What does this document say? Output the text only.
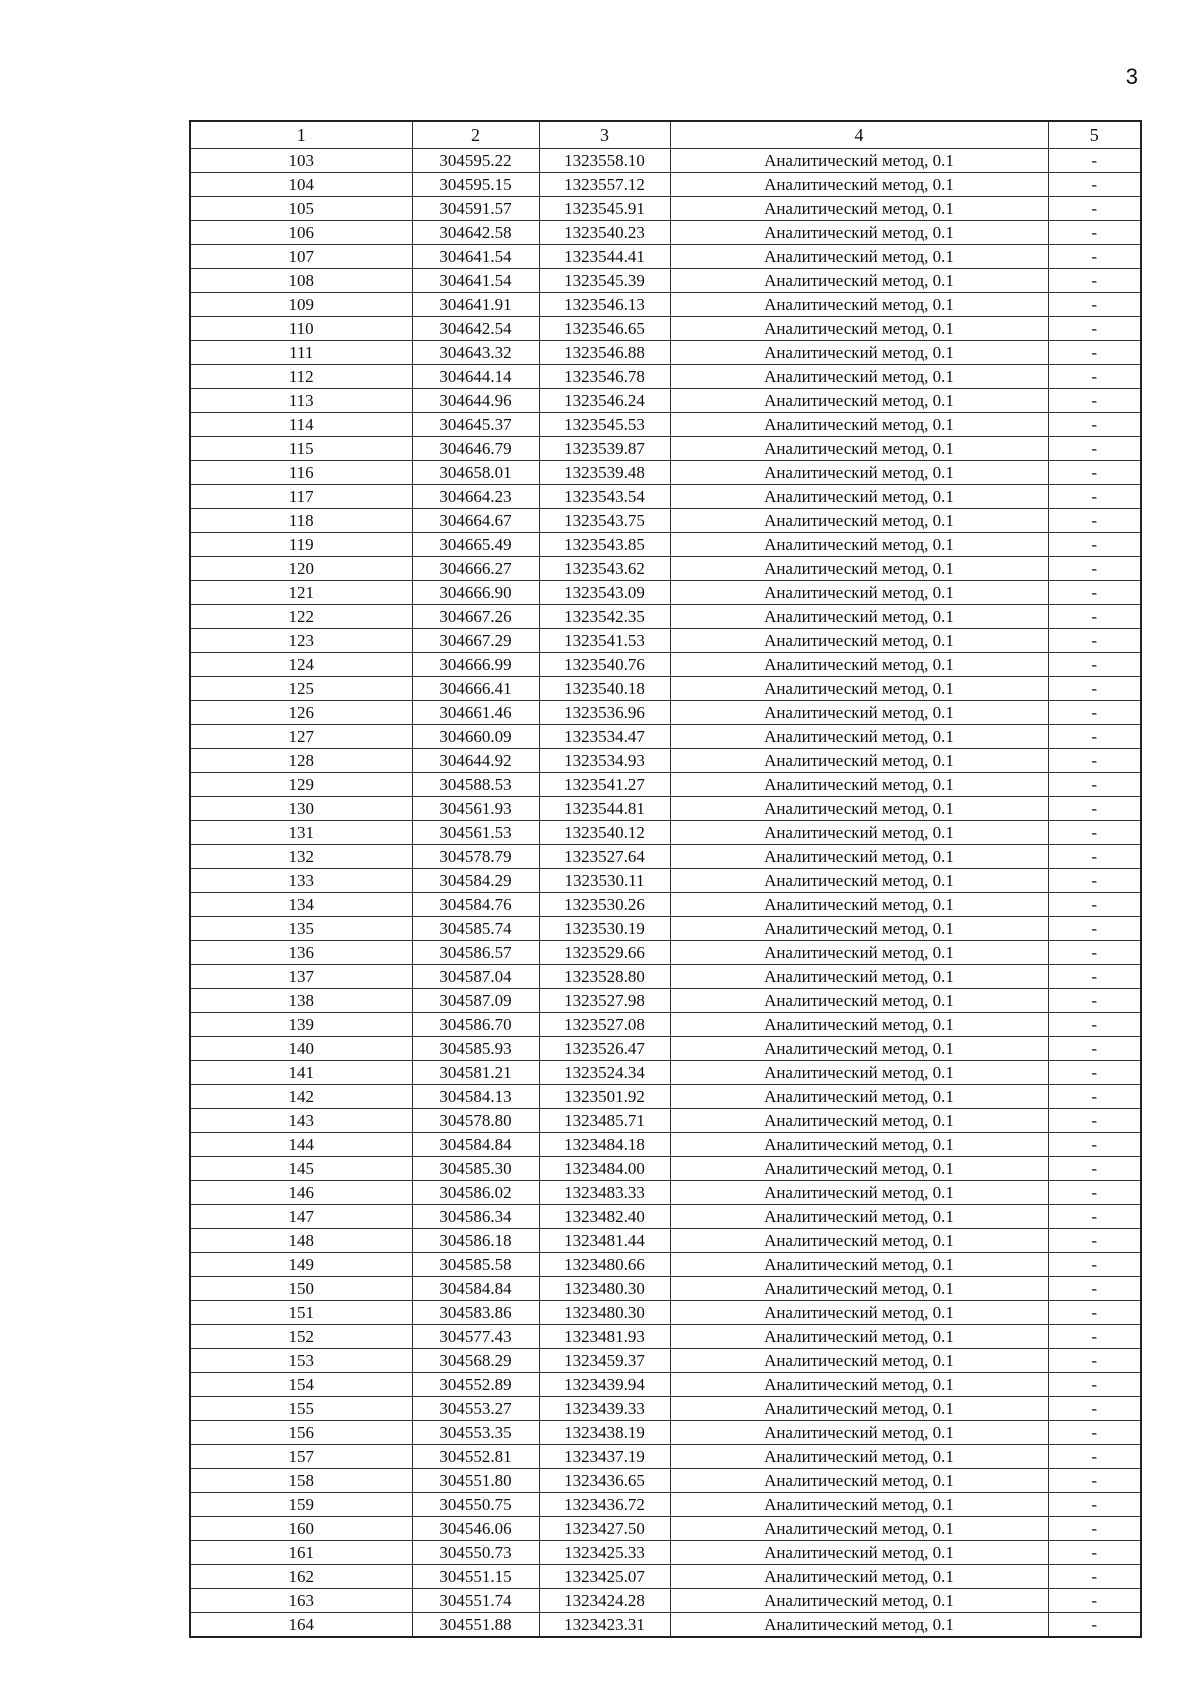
3
1	2	3	4	5
103	304595.22	1323558.10	Аналитический метод, 0.1	-
104	304595.15	1323557.12	Аналитический метод, 0.1	-
105	304591.57	1323545.91	Аналитический метод, 0.1	-
106	304642.58	1323540.23	Аналитический метод, 0.1	-
107	304641.54	1323544.41	Аналитический метод, 0.1	-
108	304641.54	1323545.39	Аналитический метод, 0.1	-
109	304641.91	1323546.13	Аналитический метод, 0.1	-
110	304642.54	1323546.65	Аналитический метод, 0.1	-
111	304643.32	1323546.88	Аналитический метод, 0.1	-
112	304644.14	1323546.78	Аналитический метод, 0.1	-
113	304644.96	1323546.24	Аналитический метод, 0.1	-
114	304645.37	1323545.53	Аналитический метод, 0.1	-
115	304646.79	1323539.87	Аналитический метод, 0.1	-
116	304658.01	1323539.48	Аналитический метод, 0.1	-
117	304664.23	1323543.54	Аналитический метод, 0.1	-
118	304664.67	1323543.75	Аналитический метод, 0.1	-
119	304665.49	1323543.85	Аналитический метод, 0.1	-
120	304666.27	1323543.62	Аналитический метод, 0.1	-
121	304666.90	1323543.09	Аналитический метод, 0.1	-
122	304667.26	1323542.35	Аналитический метод, 0.1	-
123	304667.29	1323541.53	Аналитический метод, 0.1	-
124	304666.99	1323540.76	Аналитический метод, 0.1	-
125	304666.41	1323540.18	Аналитический метод, 0.1	-
126	304661.46	1323536.96	Аналитический метод, 0.1	-
127	304660.09	1323534.47	Аналитический метод, 0.1	-
128	304644.92	1323534.93	Аналитический метод, 0.1	-
129	304588.53	1323541.27	Аналитический метод, 0.1	-
130	304561.93	1323544.81	Аналитический метод, 0.1	-
131	304561.53	1323540.12	Аналитический метод, 0.1	-
132	304578.79	1323527.64	Аналитический метод, 0.1	-
133	304584.29	1323530.11	Аналитический метод, 0.1	-
134	304584.76	1323530.26	Аналитический метод, 0.1	-
135	304585.74	1323530.19	Аналитический метод, 0.1	-
136	304586.57	1323529.66	Аналитический метод, 0.1	-
137	304587.04	1323528.80	Аналитический метод, 0.1	-
138	304587.09	1323527.98	Аналитический метод, 0.1	-
139	304586.70	1323527.08	Аналитический метод, 0.1	-
140	304585.93	1323526.47	Аналитический метод, 0.1	-
141	304581.21	1323524.34	Аналитический метод, 0.1	-
142	304584.13	1323501.92	Аналитический метод, 0.1	-
143	304578.80	1323485.71	Аналитический метод, 0.1	-
144	304584.84	1323484.18	Аналитический метод, 0.1	-
145	304585.30	1323484.00	Аналитический метод, 0.1	-
146	304586.02	1323483.33	Аналитический метод, 0.1	-
147	304586.34	1323482.40	Аналитический метод, 0.1	-
148	304586.18	1323481.44	Аналитический метод, 0.1	-
149	304585.58	1323480.66	Аналитический метод, 0.1	-
150	304584.84	1323480.30	Аналитический метод, 0.1	-
151	304583.86	1323480.30	Аналитический метод, 0.1	-
152	304577.43	1323481.93	Аналитический метод, 0.1	-
153	304568.29	1323459.37	Аналитический метод, 0.1	-
154	304552.89	1323439.94	Аналитический метод, 0.1	-
155	304553.27	1323439.33	Аналитический метод, 0.1	-
156	304553.35	1323438.19	Аналитический метод, 0.1	-
157	304552.81	1323437.19	Аналитический метод, 0.1	-
158	304551.80	1323436.65	Аналитический метод, 0.1	-
159	304550.75	1323436.72	Аналитический метод, 0.1	-
160	304546.06	1323427.50	Аналитический метод, 0.1	-
161	304550.73	1323425.33	Аналитический метод, 0.1	-
162	304551.15	1323425.07	Аналитический метод, 0.1	-
163	304551.74	1323424.28	Аналитический метод, 0.1	-
164	304551.88	1323423.31	Аналитический метод, 0.1	-
